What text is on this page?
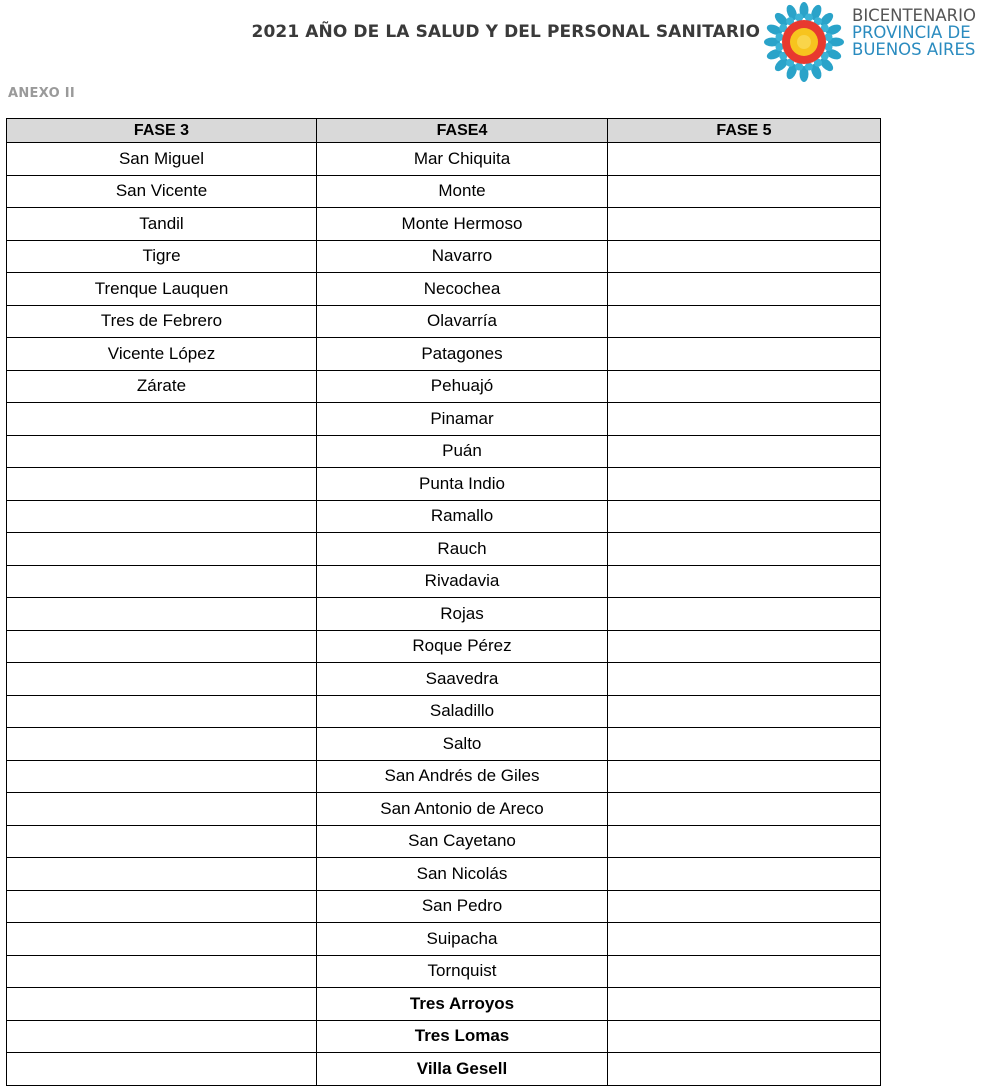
2021 AÑO DE LA SALUD Y DEL PERSONAL SANITARIO
BICENTENARIO
PROVINCIA DE
BUENOS AIRES
ANEXO II
FASE 3	FASE4	FASE 5
San Miguel	Mar Chiquita	
San Vicente	Monte	
Tandil	Monte Hermoso	
Tigre	Navarro	
Trenque Lauquen	Necochea	
Tres de Febrero	Olavarría	
Vicente López	Patagones	
Zárate	Pehuajó	
	Pinamar	
	Puán	
	Punta Indio	
	Ramallo	
	Rauch	
	Rivadavia	
	Rojas	
	Roque Pérez	
	Saavedra	
	Saladillo	
	Salto	
	San Andrés de Giles	
	San Antonio de Areco	
	San Cayetano	
	San Nicolás	
	San Pedro	
	Suipacha	
	Tornquist	
	Tres Arroyos	
	Tres Lomas	
	Villa Gesell	
